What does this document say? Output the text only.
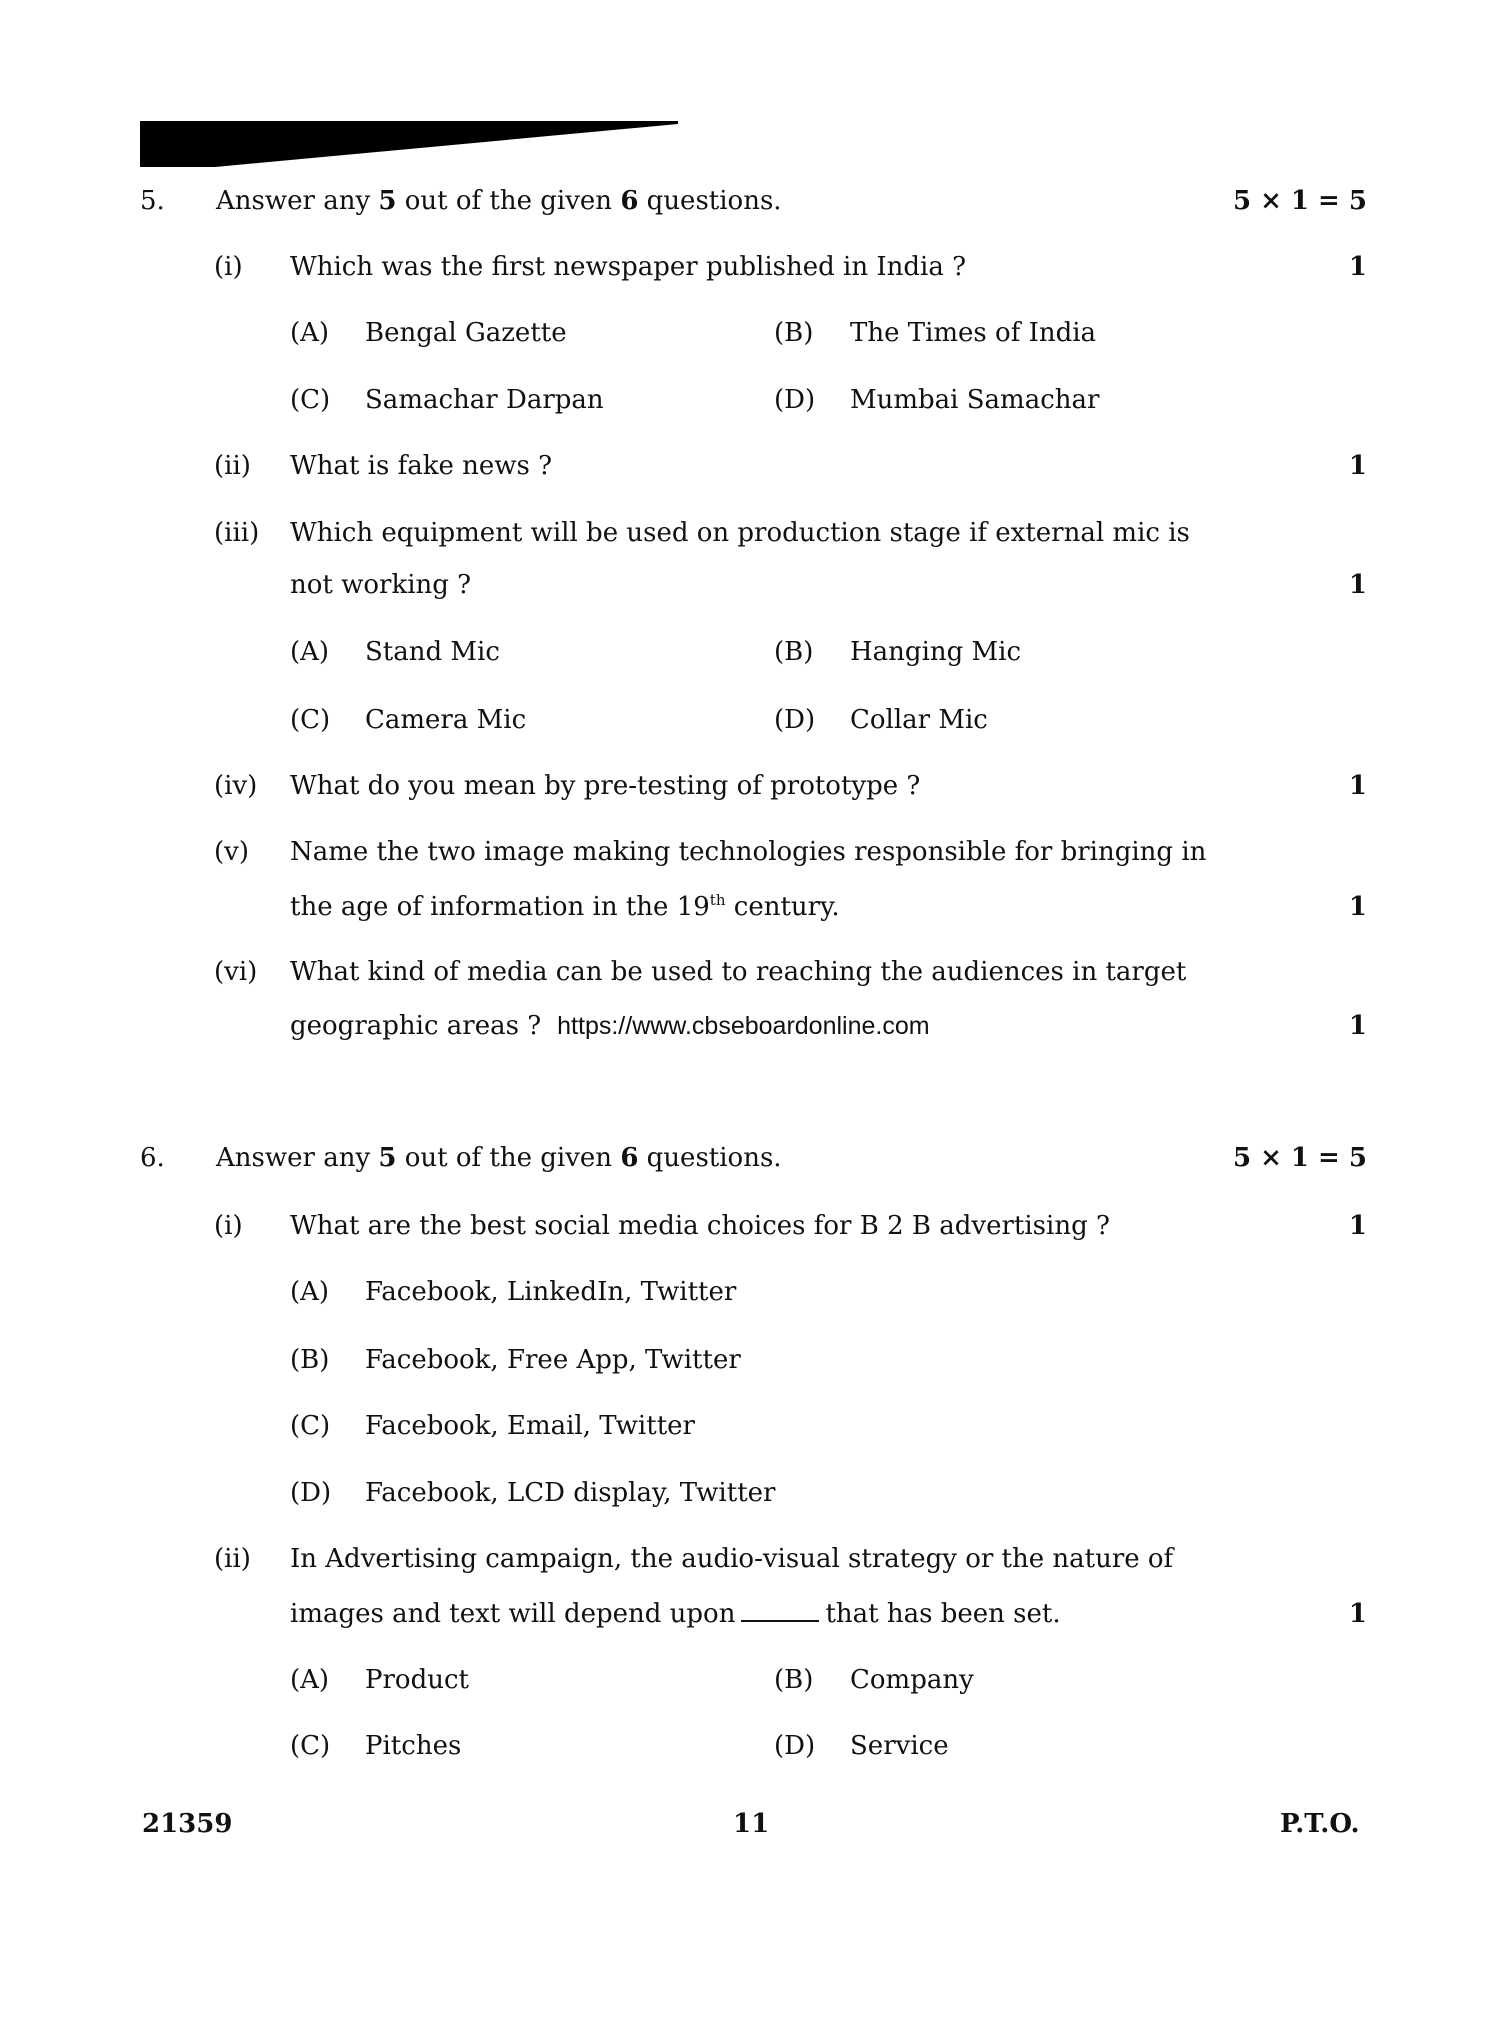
5. Answer any 5 out of the given 6 questions.	5 × 1 = 5
(i) Which was the first newspaper published in India ?	1
(A) Bengal Gazette	(B) The Times of India
(C) Samachar Darpan	(D) Mumbai Samachar
(ii) What is fake news ?	1
(iii) Which equipment will be used on production stage if external mic is
not working ?	1
(A) Stand Mic	(B) Hanging Mic
(C) Camera Mic	(D) Collar Mic
(iv) What do you mean by pre-testing of prototype ?	1
(v) Name the two image making technologies responsible for bringing in
the age of information in the 19th century.	1
(vi) What kind of media can be used to reaching the audiences in target
geographic areas ? https://www.cbseboardonline.com	1
6. Answer any 5 out of the given 6 questions.	5 × 1 = 5
(i) What are the best social media choices for B 2 B advertising ?	1
(A) Facebook, LinkedIn, Twitter
(B) Facebook, Free App, Twitter
(C) Facebook, Email, Twitter
(D) Facebook, LCD display, Twitter
(ii) In Advertising campaign, the audio-visual strategy or the nature of
images and text will depend upon	that has been set.	1
(A) Product	(B) Company
(C) Pitches	(D) Service
21359	11	P.T.O.
